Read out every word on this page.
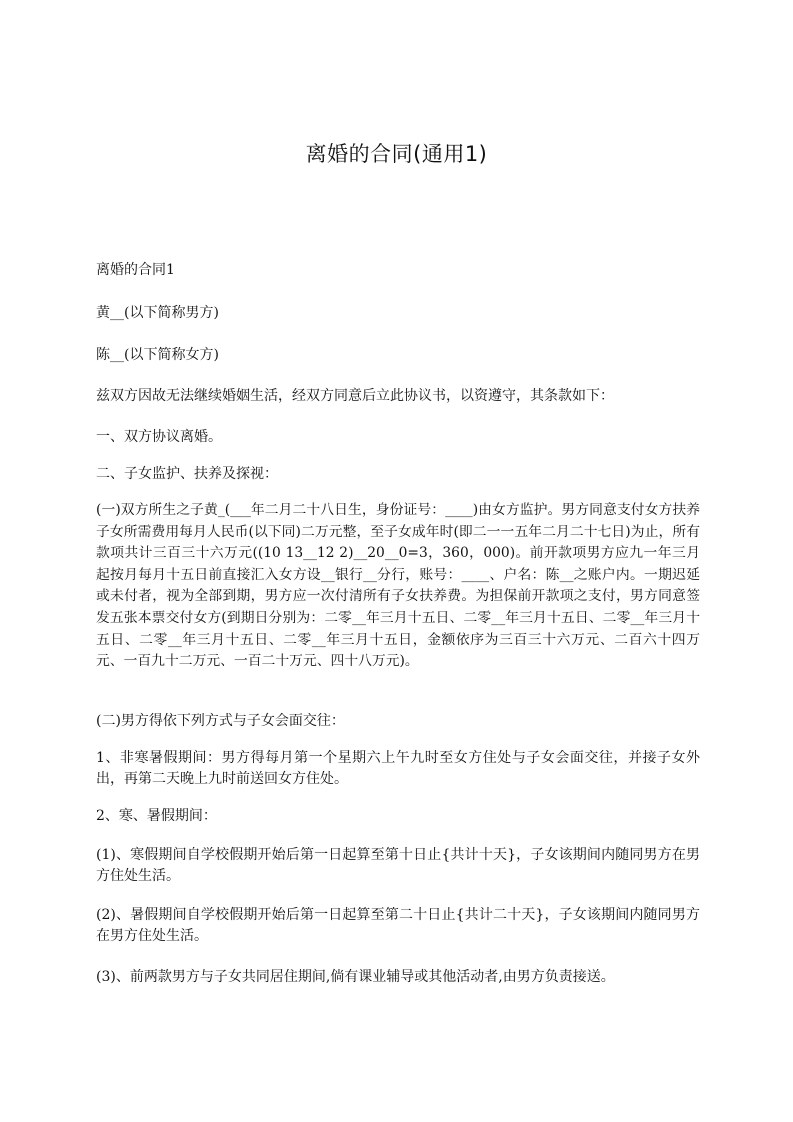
离婚的合同(通用1)

离婚的合同1

黄__(以下简称男方)

陈__(以下简称女方)

兹双方因故无法继续婚姻生活，经双方同意后立此协议书，以资遵守，其条款如下：

一、双方协议离婚。

二、子女监护、扶养及探视：

(一)双方所生之子黄_(___年二月二十八日生，身份证号：____)由女方监护。男方同意支付女方扶养子女所需费用每月人民币(以下同)二万元整，至子女成年时(即二一一五年二月二十七日)为止，所有款项共计三百三十六万元((10 13__12 2)__20__0=3，360，000)。前开款项男方应九一年三月起按月每月十五日前直接汇入女方设__银行__分行，账号：____、户名：陈__之账户内。一期迟延或未付者，视为全部到期，男方应一次付清所有子女扶养费。为担保前开款项之支付，男方同意签发五张本票交付女方(到期日分别为：二零__年三月十五日、二零__年三月十五日、二零__年三月十五日、二零__年三月十五日、二零__年三月十五日，金额依序为三百三十六万元、二百六十四万元、一百九十二万元、一百二十万元、四十八万元)。

(二)男方得依下列方式与子女会面交往：

1、非寒暑假期间：男方得每月第一个星期六上午九时至女方住处与子女会面交往，并接子女外出，再第二天晚上九时前送回女方住处。

2、寒、暑假期间：

(1)、寒假期间自学校假期开始后第一日起算至第十日止{共计十天}，子女该期间内随同男方在男方住处生活。

(2)、暑假期间自学校假期开始后第一日起算至第二十日止{共计二十天}，子女该期间内随同男方在男方住处生活。

(3)、前两款男方与子女共同居住期间,倘有课业辅导或其他活动者,由男方负责接送。
